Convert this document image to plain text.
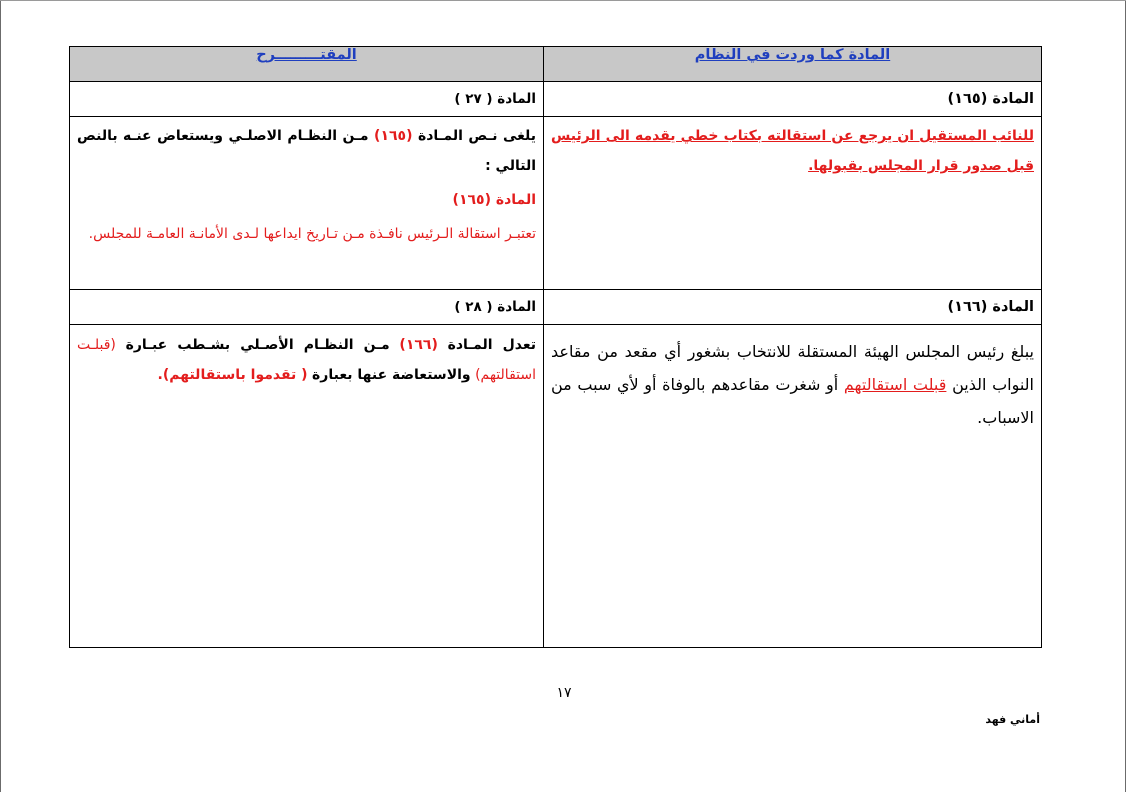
المادة كما وردت في النظام	المقتـــــــــرح
المادة (١٦٥)	المادة ( ٢٧ )

للنائب المستقيل ان يرجع عن استقالته بكتاب خطي يقدمه الى الرئيس قبل صدور قرار المجلس بقبولها.	يلغى نـص المـادة (١٦٥) مـن النظـام الاصلـي ويستعاض عنـه بالنص التالي :

المادة (١٦٥)

تعتبـر استقالة الـرئيس نافـذة مـن تـاريخ ايداعها لـدى الأمانـة العامـة للمجلس.

المادة (١٦٦)	المادة ( ٢٨ )

يبلغ رئيس المجلس الهيئة المستقلة للانتخاب بشغور أي مقعد من مقاعد النواب الذين قبلت استقالتهم أو شغرت مقاعدهم بالوفاة أو لأي سبب من الاسباب.	تعدل المـادة (١٦٦) مـن النظـام الأصـلي بشـطب عبـارة (قبلـت استقالتهم) والاستعاضة عنها بعبارة ( تقدموا باستقالتهم).

١٧
أماني فهد
